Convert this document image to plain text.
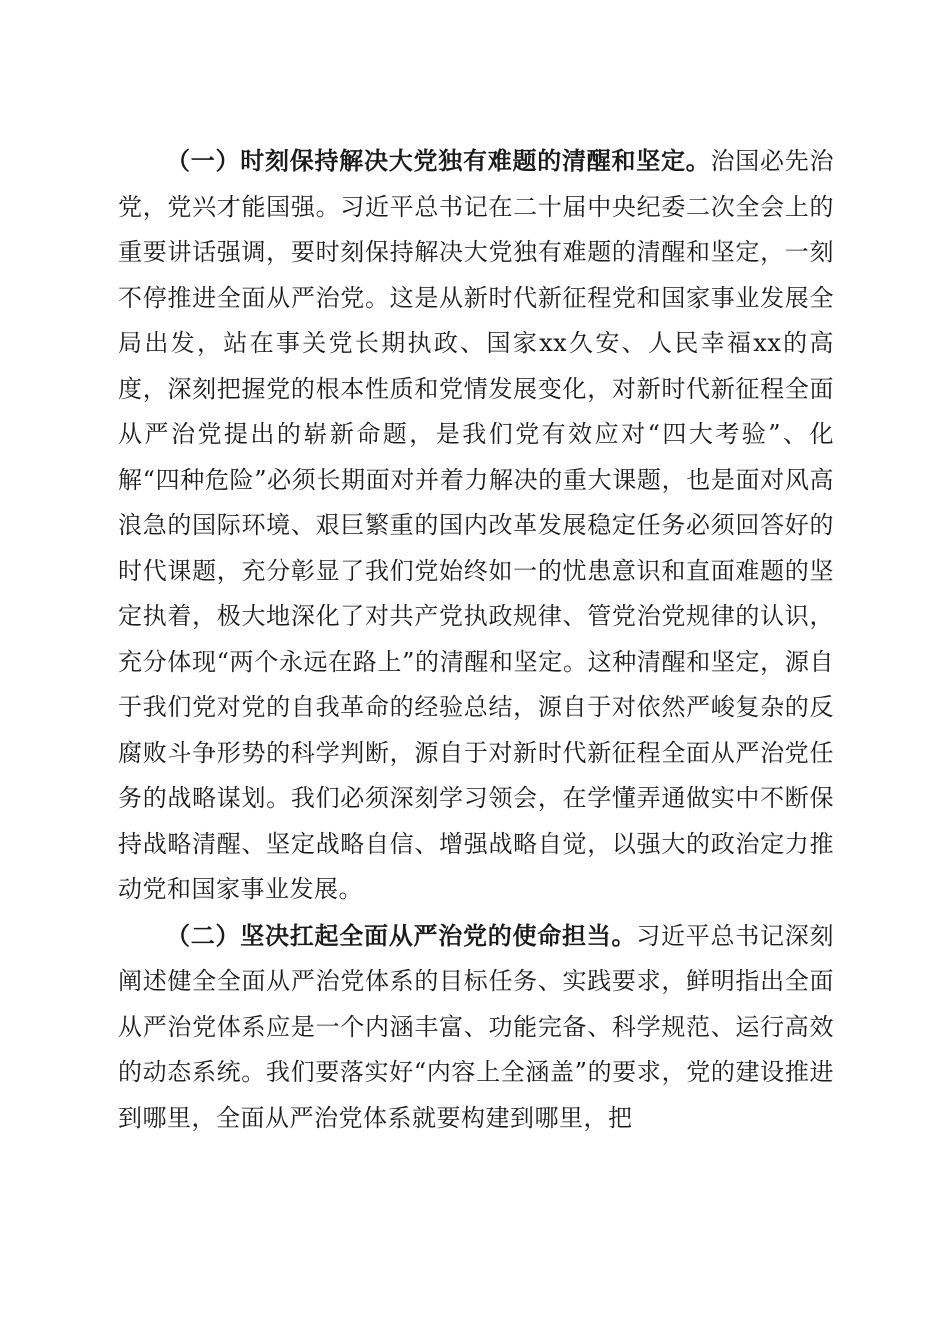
（一）时刻保持解决大党独有难题的清醒和坚定。治国必先治党，党兴才能国强。习近平总书记在二十届中央纪委二次全会上的重要讲话强调，要时刻保持解决大党独有难题的清醒和坚定，一刻不停推进全面从严治党。这是从新时代新征程党和国家事业发展全局出发，站在事关党长期执政、国家xx久安、人民幸福xx的高度，深刻把握党的根本性质和党情发展变化，对新时代新征程全面从严治党提出的崭新命题，是我们党有效应对“四大考验”、化解“四种危险”必须长期面对并着力解决的重大课题，也是面对风高浪急的国际环境、艰巨繁重的国内改革发展稳定任务必须回答好的时代课题，充分彰显了我们党始终如一的忧患意识和直面难题的坚定执着，极大地深化了对共产党执政规律、管党治党规律的认识，充分体现“两个永远在路上”的清醒和坚定。这种清醒和坚定，源自于我们党对党的自我革命的经验总结，源自于对依然严峻复杂的反腐败斗争形势的科学判断，源自于对新时代新征程全面从严治党任务的战略谋划。我们必须深刻学习领会，在学懂弄通做实中不断保持战略清醒、坚定战略自信、增强战略自觉，以强大的政治定力推动党和国家事业发展。

（二）坚决扛起全面从严治党的使命担当。习近平总书记深刻阐述健全全面从严治党体系的目标任务、实践要求，鲜明指出全面从严治党体系应是一个内涵丰富、功能完备、科学规范、运行高效的动态系统。我们要落实好“内容上全涵盖”的要求，党的建设推进到哪里，全面从严治党体系就要构建到哪里，把
